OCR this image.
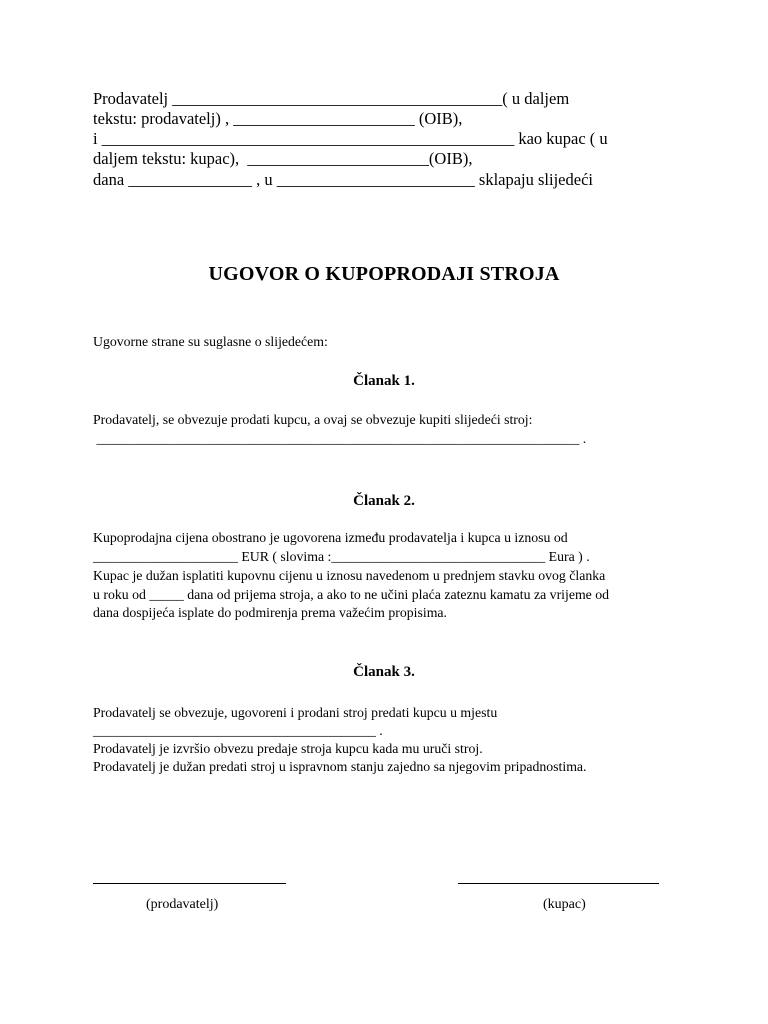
Prodavatelj ________________________________________( u daljem

tekstu: prodavatelj) , ______________________ (OIB),

i __________________________________________________ kao kupac ( u

daljem tekstu: kupac),  ______________________(OIB),

dana _______________ , u ________________________ sklapaju slijedeći

UGOVOR O KUPOPRODAJI STROJA

Ugovorne strane su suglasne o slijedećem:

Članak 1.

Prodavatelj, se obvezuje prodati kupcu, a ovaj se obvezuje kupiti slijedeći stroj:

______________________________________________________________________ .

Članak 2.

Kupoprodajna cijena obostrano je ugovorena između prodavatelja i kupca u iznosu od

_____________________ EUR ( slovima :_______________________________ Eura ) .

Kupac je dužan isplatiti kupovnu cijenu u iznosu navedenom u prednjem stavku ovog članka

u roku od _____ dana od prijema stroja, a ako to ne učini plaća zateznu kamatu za vrijeme od

dana dospijeća isplate do podmirenja prema važećim propisima.

Članak 3.

Prodavatelj se obvezuje, ugovoreni i prodani stroj predati kupcu u mjestu

_________________________________________ .

Prodavatelj je izvršio obvezu predaje stroja kupcu kada mu uruči stroj.

Prodavatelj je dužan predati stroj u ispravnom stanju zajedno sa njegovim pripadnostima.

(prodavatelj)	(kupac)
